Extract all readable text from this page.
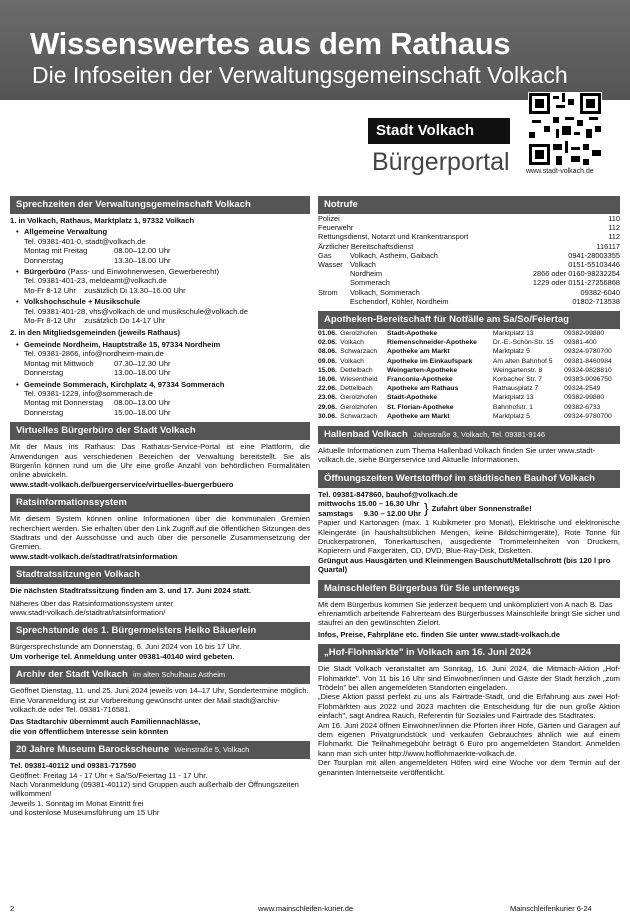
Wissenswertes aus dem Rathaus
Die Infoseiten der Verwaltungsgemeinschaft Volkach
www.stadt-volkach.de
Stadt Volkach
Bürgerportal
Sprechzeiten der Verwaltungsgemeinschaft Volkach
1. in Volkach, Rathaus, Marktplatz 1, 97332 Volkach
• Allgemeine Verwaltung
Tel. 09381-401-0, stadt@volkach.de
Montag mit Freitag	08.00–12.00 Uhr
Donnerstag	13.30–18.00 Uhr
• Bürgerbüro (Pass- und Einwohnerwesen, Gewerberecht)
Tel. 09381-401-23, meldeamt@volkach.de
Mo-Fr 8-12 Uhr    zusätzlich Di 13.30–16.00 Uhr
• Volkshochschule + Musikschule
Tel. 09381-401-28, vhs@volkach.de und musikschule@volkach.de
Mo-Fr 8-12 Uhr    zusätzlich Do 14-17 Uhr
2. in den Mitgliedsgemeinden (jeweils Rathaus)
• Gemeinde Nordheim, Hauptstraße 15, 97334 Nordheim
Tel. 09381-2866, info@nordheim-main.de
Montag mit Mittwoch	07.30–12.30 Uhr
Donnerstag	13.00–18.00 Uhr
• Gemeinde Sommerach, Kirchplatz 4, 97334 Sommerach
Tel. 09381-1229, info@sommerach.de
Montag mit Donnerstag	08.00–13.00 Uhr
Donnerstag	15.00–18.00 Uhr
Virtuelles Bürgerbüro der Stadt Volkach
Mit der Maus ins Rathaus: Das Rathaus-Service-Portal ist eine Plattform, die Anwendungen aus verschiedenen Bereichen der Verwaltung bereitstellt. Sie als Bürger/in können rund um die Uhr eine große Anzahl von behördlichen Formalitäten online abwickeln.
www.stadt-volkach.de/buergerservice/virtuelles-buergerbuero
Ratsinformationssystem
Mit diesem System können online Informationen über die kommunalen Gremien recherchiert werden. Sie erhalten über den Link Zugriff auf die öffentlichen Sitzungen des Stadtrats und der Ausschüsse und auch über die personelle Zusammensetzung der Gremien.
www.stadt-volkach.de/stadtrat/ratsinformation
Stadtratssitzungen Volkach
Die nächsten Stadtratssitzung finden am 3. und 17. Juni 2024 statt.
Näheres über das Ratsinformationssystem unter
www.stadt-volkach.de/stadtrat/ratsinformation/
Sprechstunde des 1. Bürgermeisters Heiko Bäuerlein
Bürgersprechstunde am Donnerstag, 6. Juni 2024 von 16 bis 17 Uhr.
Um vorherige tel. Anmeldung unter 09381-40140 wird gebeten.
Archiv der Stadt Volkach im alten Schulhaus Astheim
Geöffnet Dienstag, 11. und 25. Juni 2024 jeweils von 14–17 Uhr, Sondertermine möglich. Eine Voranmeldung ist zur Vorbereitung gewünscht unter der Mail stadt@archiv-volkach.de oder Tel. 09381-716581.
Das Stadtarchiv übernimmt auch Familiennachlässe,
die von öffentlichem Interesse sein könnten
20 Jahre Museum Barockscheune Weinstraße 5, Volkach
Tel. 09381-40112 und 09381-717590
Geöffnet: Freitag 14 - 17 Uhr + Sa/So/Feiertag 11 - 17 Uhr.
Nach Voranmeldung (09381-40112) sind Gruppen auch außerhalb der Öffnungszeiten willkommen!
Jeweils 1. Sonntag im Monat Eintritt frei
und kostenlose Museumsführung um 15 Uhr
Notrufe
Polizei		110
Feuerwehr		112
Rettungsdienst, Notarzt und Krankentransport		112
Ärztlicher Bereitschaftsdienst		116117
Gas	Volkach, Astheim, Gaibach	0941-28003355
Wasser	Volkach	0151-55103446
	Nordheim	2866 oder 0160-98232254
	Sommerach	1229 oder 0151-27256868
Strom	Volkach, Sommerach	09382-6040
	Eschendorf, Köhler, Nordheim	01802-713538
Apotheken-Bereitschaft für Notfälle am Sa/So/Feiertag
01.06.	Gerolzhofen	Stadt-Apotheke	Marktplatz 13	09382-99880
02.06.	Volkach	Riemenschneider-Apotheke	Dr.-E.-Schön-Str. 15	09381-400
08.06.	Schwarzach	Apotheke am Markt	Marktplatz 5	09324-9780700
09.06.	Volkach	Apotheke im Einkaufspark	Am alten Bahnhof 5	09381-8460984
15.06.	Dettelbach	Weingarten-Apotheke	Weingartenstr. 8	09324-9828810
16.06.	Wiesentheid	Franconia-Apotheke	Korbacher Str. 7	09383-9096750
22.06.	Dettelbach	Apotheke am Rathaus	Rathausplatz 7	09324-2549
23.06.	Gerolzhofen	Stadt-Apotheke	Marktplatz 13	09382-99880
29.06.	Gerolzhofen	St. Florian-Apotheke	Bahnhofstr. 1	09382-6733
30.06.	Schwarzach	Apotheke am Markt	Marktplatz 5	09324-9780700
Hallenbad Volkach Jahnstraße 3, Volkach, Tel. 09381-9146
Aktuelle Informationen zum Thema Hallenbad Volkach finden Sie unter www.stadt-volkach.de, siehe Bürgerservice und Aktuelle Informationen.
Öffnungszeiten Wertstoffhof im städtischen Bauhof Volkach
Tel. 09381-847860, bauhof@volkach.de
mittwochs 15.00 – 16.30 Uhr
samstags     9.30 – 12.00 Uhr } Zufahrt über Sonnenstraße!
Papier und Kartonagen (max. 1 Kubikmeter pro Monat), Elektrische und elektronische Kleingeräte (in haushaltsüblichen Mengen, keine Bildschirmgeräte), Rote Tonne für Druckerpatronen, Tonerkartuschen, ausgediente Trommeleinheiten von Druckern, Kopierern und Faxgeräten, CD, DVD, Blue-Ray-Disk, Disketten.
Grüngut aus Hausgärten und Kleinmengen Bauschutt/Metallschrott (bis 120 l pro Quartal)
Mainschleifen Bürgerbus für Sie unterwegs
Mit dem Bürgerbus kommen Sie jederzeit bequem und unkompliziert von A nach B. Das ehrenamtlich arbeitende Fahrerteam des Bürgerbusses Mainschleife bringt Sie sicher und staufrei an den gewünschten Zielort.
Infos, Preise, Fahrpläne etc. finden Sie unter www.stadt-volkach.de
„Hof-Flohmärkte" in Volkach am 16. Juni 2024
Die Stadt Volkach veranstaltet am Sonntag, 16. Juni 2024, die Mitmach-Aktion „Hof-Flohmärkte". Von 11 bis 16 Uhr sind Einwohner/innen und Gäste der Stadt herzlich „zum Trödeln" bei allen angemeldeten Standorten eingeladen.
„Diese Aktion passt perfekt zu uns als Fairtrade-Stadt, und die Erfahrung aus zwei Hof-Flohmärkten aus 2022 und 2023 machten die Entscheidung für die nun große Aktion einfach", sagt Andrea Rauch, Referentin für Soziales und Fairtrade des Stadtrates.
Am 16. Juni 2024 öffnen Einwohner/innen die Pforten ihrer Höfe, Gärten und Garagen auf dem eigenen Privatgrundstück und verkaufen Gebrauchtes ähnlich wie auf einem Flohmarkt. Die Teilnahmegebühr beträgt 6 Euro pro angemeldeten Standort. Anmelden kann man sich unter http://www.hofflohmaerkte-volkach.de.
Der Tourplan mit allen angemeldeten Höfen wird eine Woche vor dem Termin auf der genannten Internetseite veröffentlicht.
2	www.mainschleifen-kurier.de	Mainschleifenkurier 6-24
